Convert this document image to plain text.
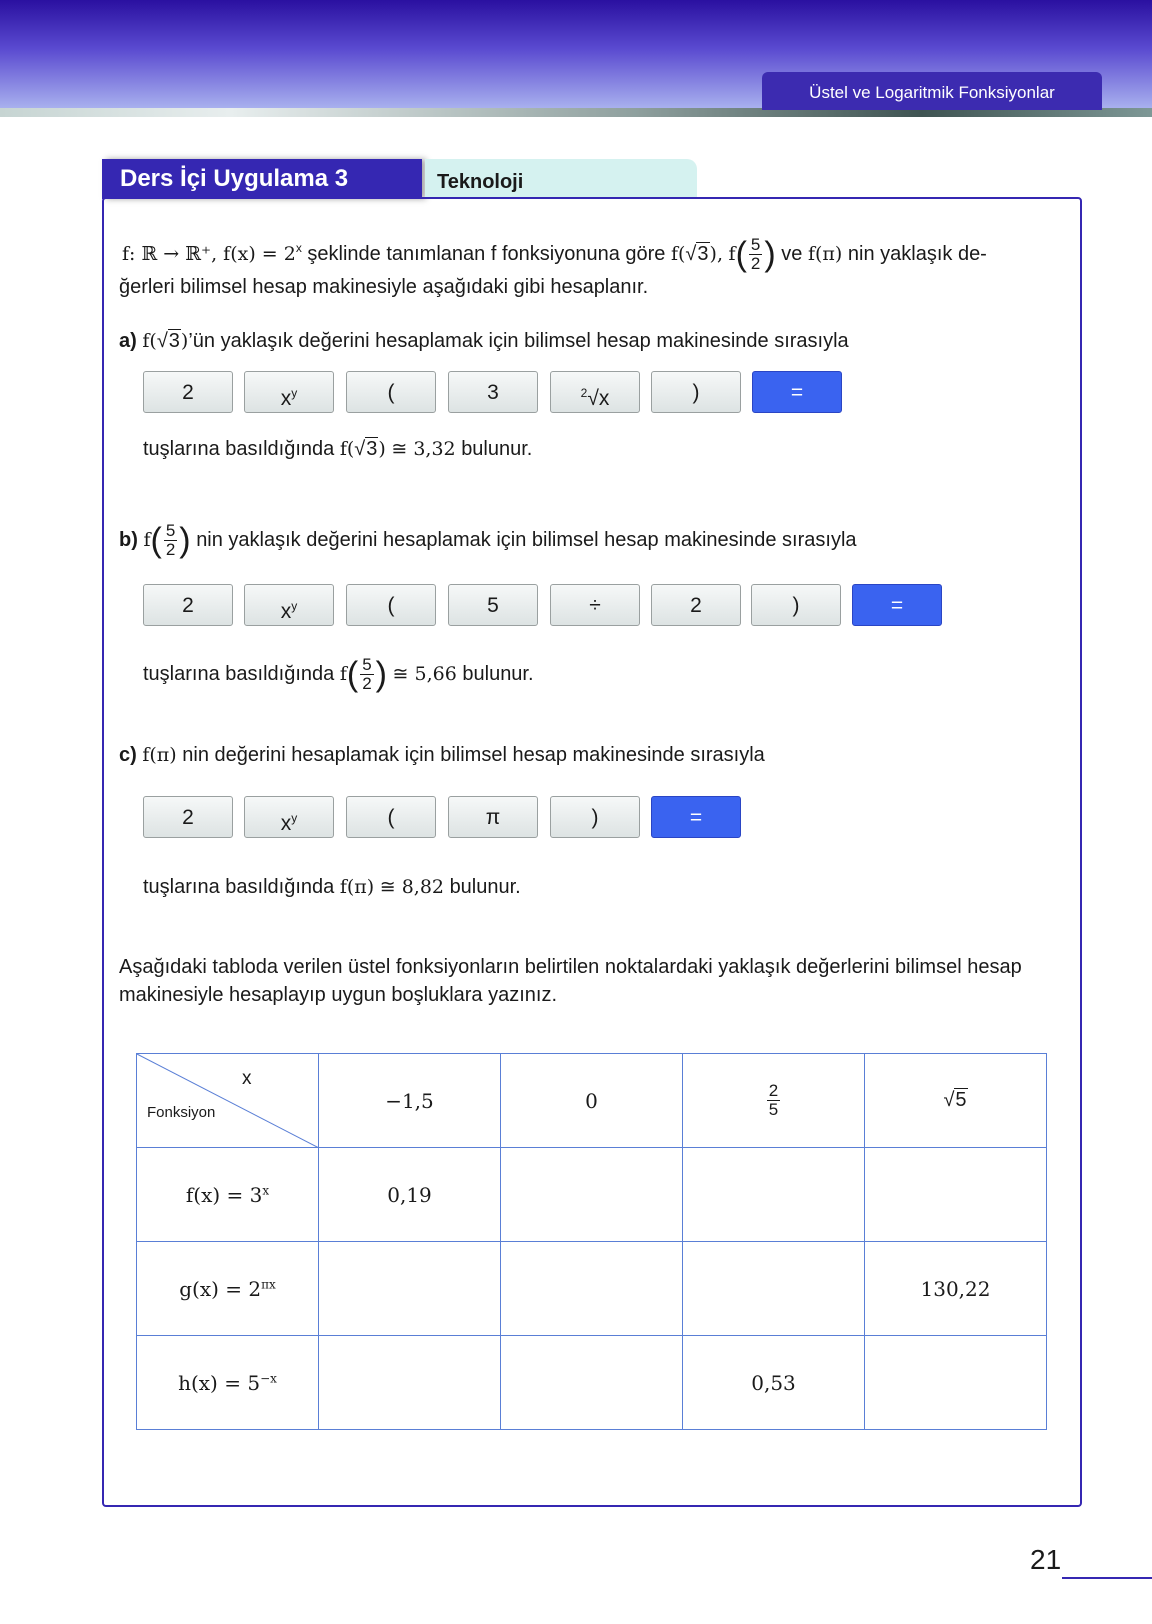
Üstel ve Logaritmik Fonksiyonlar
Ders İçi Uygulama 3	Teknoloji
f: ℝ → ℝ⁺, $f(x) = 2^x$ şeklinde tanımlanan f fonksiyonuna göre f(√3), $f( \frac{5}{2}$ ) ve f(π) nin yaklaşık de-
ğerleri bilimsel hesap makinesiyle aşağıdaki gibi hesaplanır.
a) f(√3)’ün yaklaşık değerini hesaplamak için bilimsel hesap makinesinde sırasıyla
2	$x^y$	(	3	$^2$√x	)	=
tuşlarına basıldığında f(√3) ≅ 3,32 bulunur.
b) $f( \frac{5}{2}$ ) nin yaklaşık değerini hesaplamak için bilimsel hesap makinesinde sırasıyla
2	$x^y$	(	5	÷	2	)	=
tuşlarına basıldığında $f( \frac{5}{2}$ ) ≅ 5,66 bulunur.
c) f(π) nin değerini hesaplamak için bilimsel hesap makinesinde sırasıyla
2	$x^y$	(	π	)	=
tuşlarına basıldığında f(π) ≅ 8,82 bulunur.
Aşağıdaki tabloda verilen üstel fonksiyonların belirtilen noktalardaki yaklaşık değerlerini bilimsel hesap
makinesiyle hesaplayıp uygun boşluklara yazınız.
x
Fonksiyon	−1,5	0	$\frac{2}{5}$	√5
$f(x) = 3^x$	0,19			
$g(x) = 2^{\pi x}$				130,22
$h(x) = 5^{-x}$			0,53	
21
